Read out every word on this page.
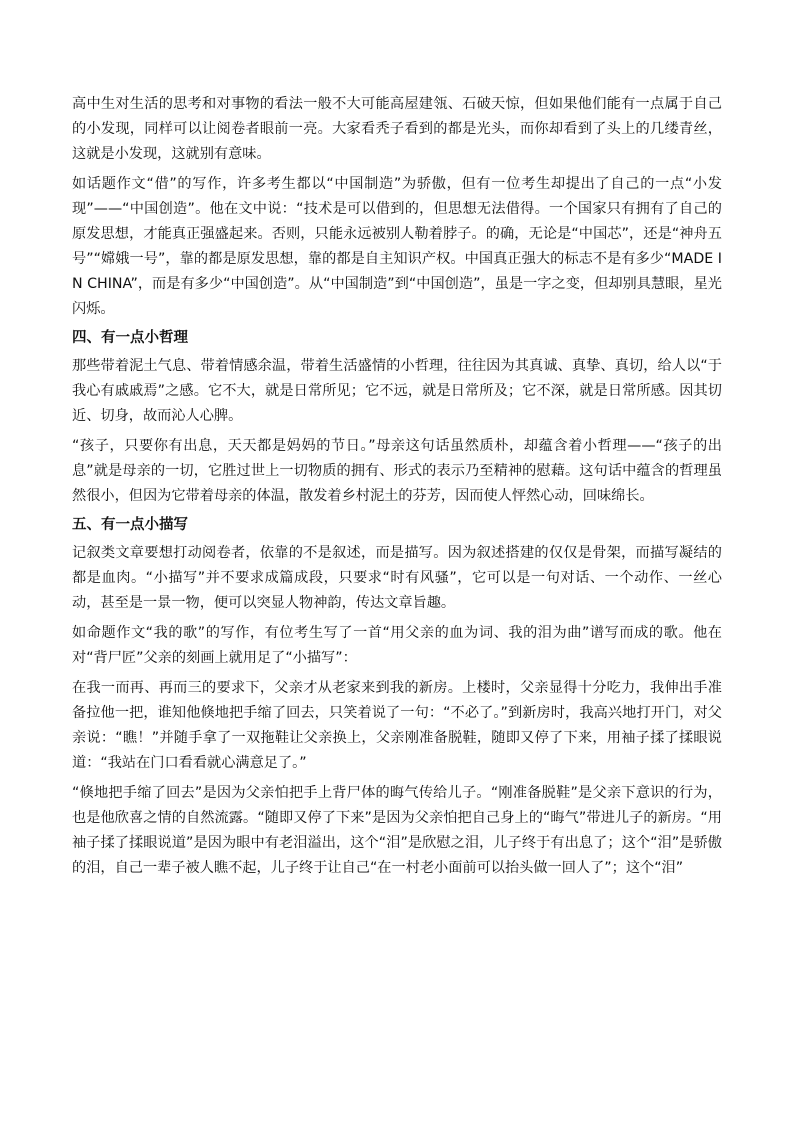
高中生对生活的思考和对事物的看法一般不大可能高屋建瓴、石破天惊，但如果他们能有一点属于自己的小发现，同样可以让阅卷者眼前一亮。大家看秃子看到的都是光头，而你却看到了头上的几缕青丝，这就是小发现，这就别有意味。

如话题作文“借”的写作，许多考生都以“中国制造”为骄傲，但有一位考生却提出了自己的一点“小发现”——“中国创造”。他在文中说：“技术是可以借到的，但思想无法借得。一个国家只有拥有了自己的原发思想，才能真正强盛起来。否则，只能永远被别人勒着脖子。的确，无论是“中国芯”，还是“神舟五号”“嫦娥一号”，靠的都是原发思想，靠的都是自主知识产权。中国真正强大的标志不是有多少“MADE IN CHINA”，而是有多少“中国创造”。从“中国制造”到“中国创造”，虽是一字之变，但却别具慧眼，星光闪烁。

四、有一点小哲理

那些带着泥土气息、带着情感余温，带着生活盛情的小哲理，往往因为其真诚、真挚、真切，给人以“于我心有戚戚焉”之感。它不大，就是日常所见；它不远，就是日常所及；它不深，就是日常所感。因其切近、切身，故而沁人心脾。

“孩子，只要你有出息，天天都是妈妈的节日。”母亲这句话虽然质朴，却蕴含着小哲理——“孩子的出息”就是母亲的一切，它胜过世上一切物质的拥有、形式的表示乃至精神的慰藉。这句话中蕴含的哲理虽然很小，但因为它带着母亲的体温，散发着乡村泥土的芬芳，因而使人怦然心动，回味绵长。

五、有一点小描写

记叙类文章要想打动阅卷者，依靠的不是叙述，而是描写。因为叙述搭建的仅仅是骨架，而描写凝结的都是血肉。“小描写”并不要求成篇成段，只要求“时有风骚”，它可以是一句对话、一个动作、一丝心动，甚至是一景一物，便可以突显人物神韵，传达文章旨趣。

如命题作文“我的歌”的写作，有位考生写了一首“用父亲的血为词、我的泪为曲”谱写而成的歌。他在对“背尸匠”父亲的刻画上就用足了“小描写”：

在我一而再、再而三的要求下，父亲才从老家来到我的新房。上楼时，父亲显得十分吃力，我伸出手准备拉他一把，谁知他倏地把手缩了回去，只笑着说了一句：“不必了。”到新房时，我高兴地打开门，对父亲说：“瞧！”并随手拿了一双拖鞋让父亲换上，父亲刚准备脱鞋，随即又停了下来，用袖子揉了揉眼说道：“我站在门口看看就心满意足了。”

“倏地把手缩了回去”是因为父亲怕把手上背尸体的晦气传给儿子。“刚准备脱鞋”是父亲下意识的行为，也是他欣喜之情的自然流露。“随即又停了下来”是因为父亲怕把自己身上的“晦气”带进儿子的新房。“用袖子揉了揉眼说道”是因为眼中有老泪溢出，这个“泪”是欣慰之泪，儿子终于有出息了；这个“泪”是骄傲的泪，自己一辈子被人瞧不起，儿子终于让自己“在一村老小面前可以抬头做一回人了”；这个“泪”
